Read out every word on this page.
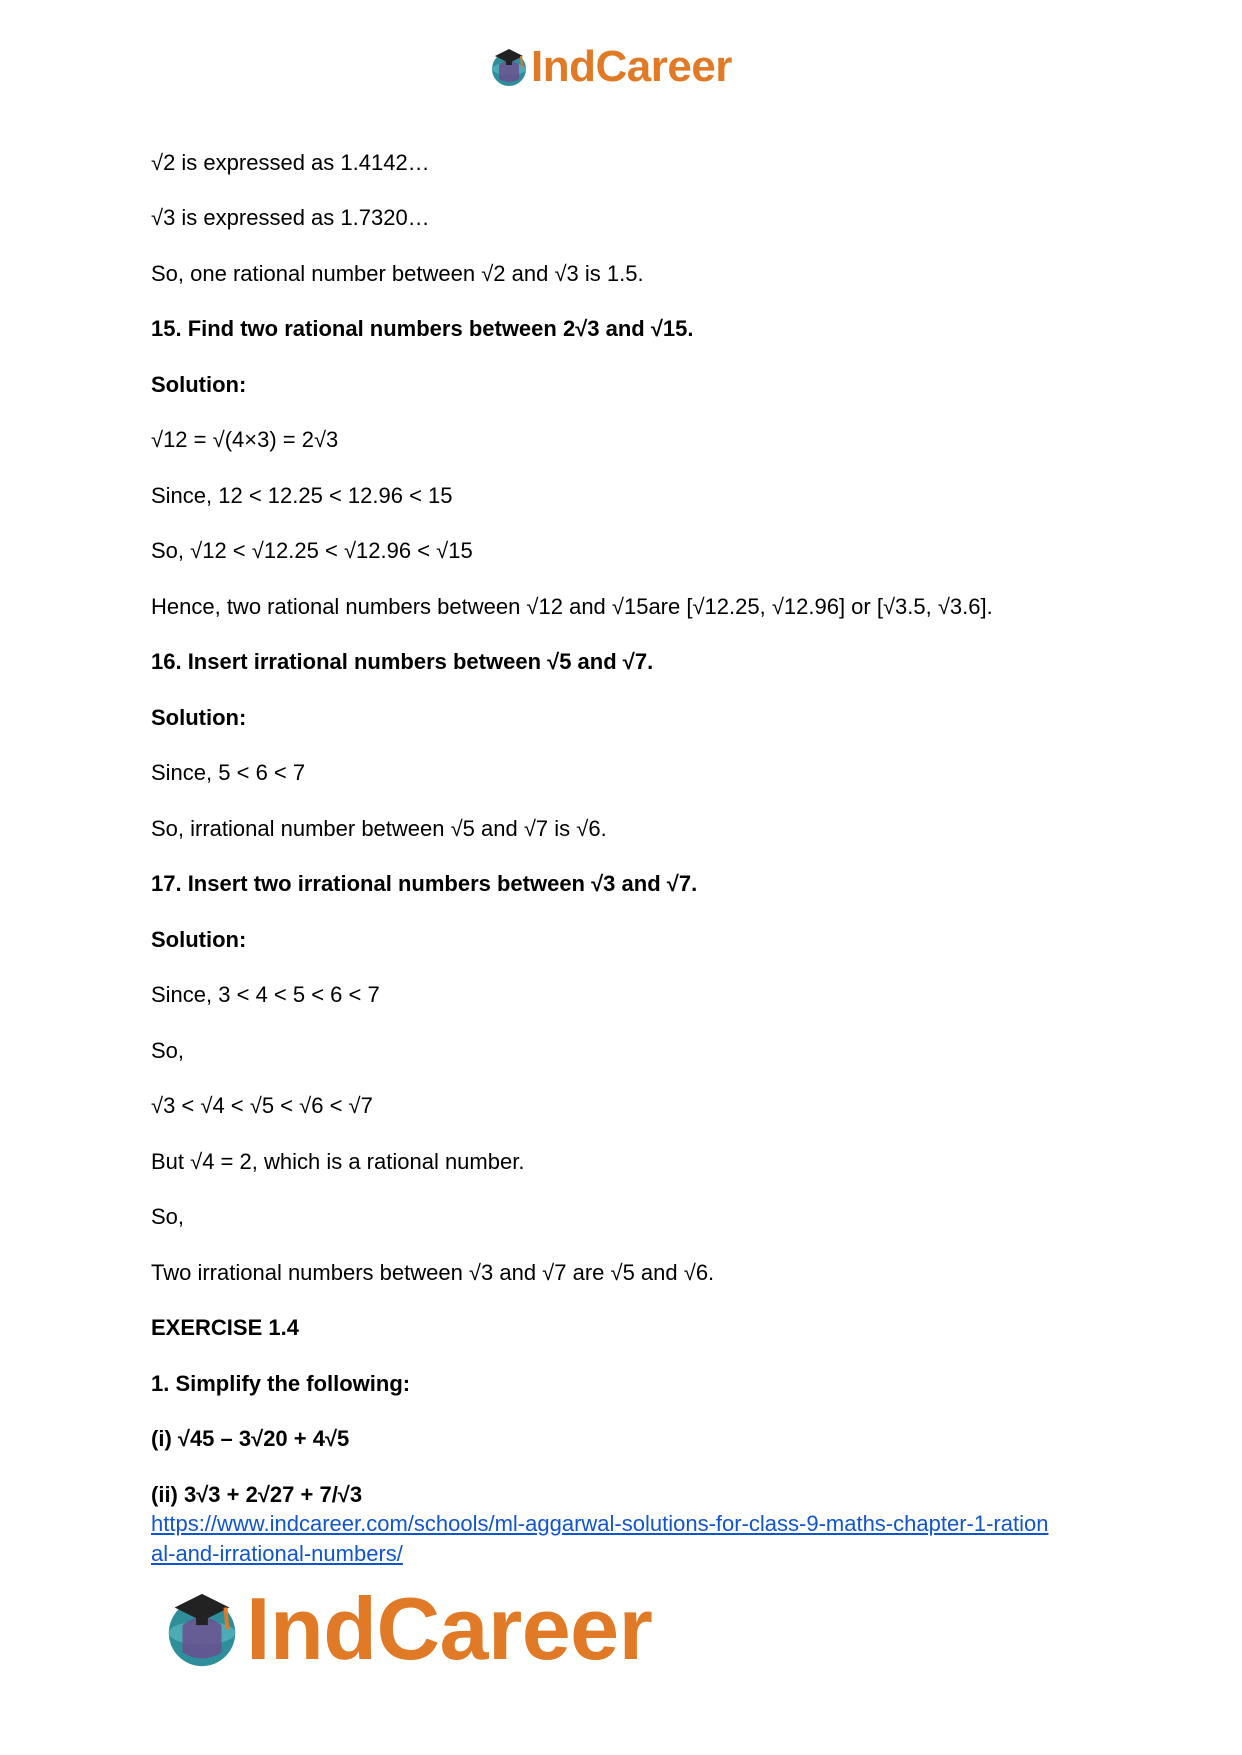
IndCareer
√2 is expressed as 1.4142…
√3 is expressed as 1.7320…
So, one rational number between √2 and √3 is 1.5.
15. Find two rational numbers between 2√3 and √15.
Solution:
√12 = √(4×3) = 2√3
Since, 12 < 12.25 < 12.96 < 15
So, √12 < √12.25 < √12.96 < √15
Hence, two rational numbers between √12 and √15are [√12.25, √12.96] or [√3.5, √3.6].
16. Insert irrational numbers between √5 and √7.
Solution:
Since, 5 < 6 < 7
So, irrational number between √5 and √7 is √6.
17. Insert two irrational numbers between √3 and √7.
Solution:
Since, 3 < 4 < 5 < 6 < 7
So,
√3 < √4 < √5 < √6 < √7
But √4 = 2, which is a rational number.
So,
Two irrational numbers between √3 and √7 are √5 and √6.
EXERCISE 1.4
1. Simplify the following:
(i) √45 – 3√20 + 4√5
(ii) 3√3 + 2√27 + 7/√3
https://www.indcareer.com/schools/ml-aggarwal-solutions-for-class-9-maths-chapter-1-ration
al-and-irrational-numbers/
IndCareer
